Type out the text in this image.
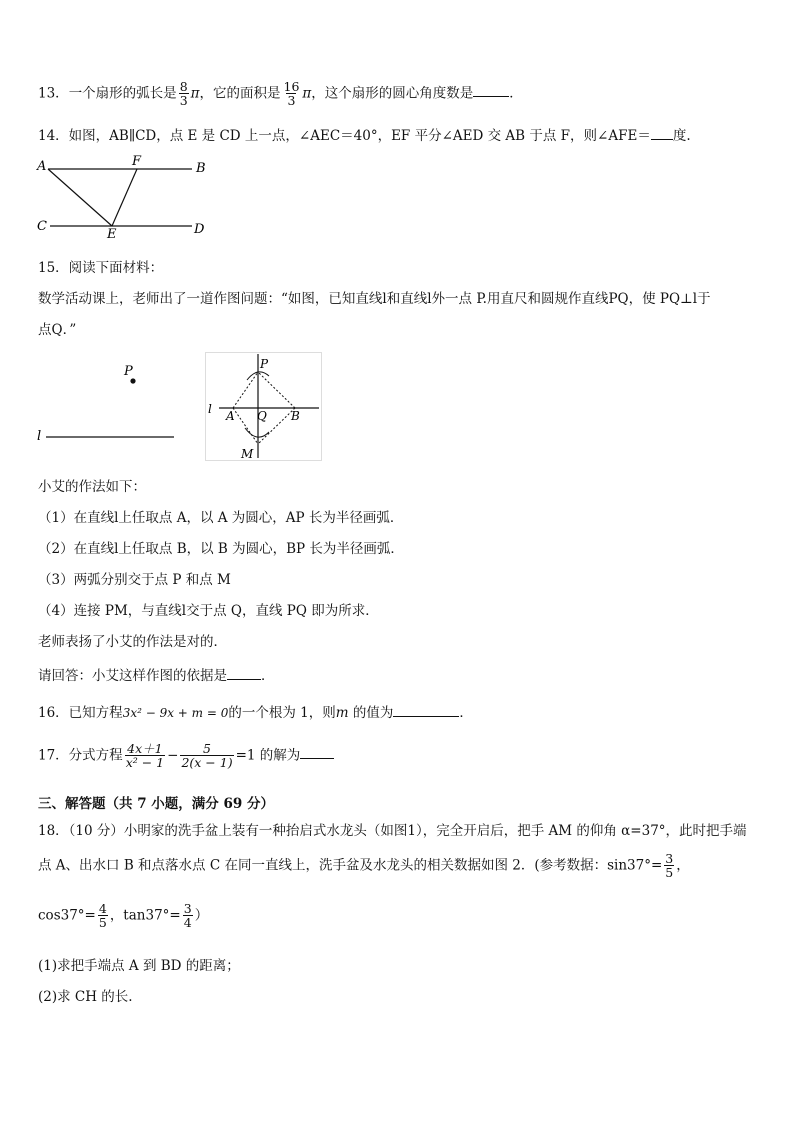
13．一个扇形的弧长是 $\frac{8}{3}$ π，它的面积是 $\frac{16}{3}$ π，这个扇形的圆心角度数是	．
14．如图，AB∥CD，点 E 是 CD 上一点，∠AEC＝40°，EF 平分∠AED 交 AB 于点 F，则∠AFE＝ 度.
A	F	B
C
E	D
15．阅读下面材料：
数学活动课上，老师出了一道作图问题：“如图，已知直线l和直线l外一点 P.用直尺和圆规作直线PQ，使 PQ⊥l于
点Q．”
P
l
P
l A Q B
M
小艾的作法如下：
（1）在直线l上任取点 A，以 A 为圆心，AP 长为半径画弧．
（2）在直线l上任取点 B，以 B 为圆心，BP 长为半径画弧．
（3）两弧分别交于点 P 和点 M
（4）连接 PM，与直线l交于点 Q，直线 PQ 即为所求．
老师表扬了小艾的作法是对的．
请回答：小艾这样作图的依据是	．
16．已知方程3x² − 9x + m = 0的一个根为 1，则m 的值为	．
17．分式方程 $\frac{4x+1}{\text{x² − 1}} - \frac{5}{2(x - 1)} =1$ 的解为
三、解答题（共 7 小题，满分 69 分）
18．（10 分）小明家的洗手盆上装有一种抬启式水龙头（如图1），完全开启后，把手 AM 的仰角 α=37°，此时把手端
点 A、出水口 B 和点落水点 C 在同一直线上，洗手盆及水龙头的相关数据如图 2．(参考数据：$\sin 37^\circ= \frac{3}{5}$ ，
$\cos 37^\circ= \frac{4}{5}$ ，$\tan 37^\circ= \frac{3}{4}$ ）
(1)求把手端点 A 到 BD 的距离；
(2)求 CH 的长.
